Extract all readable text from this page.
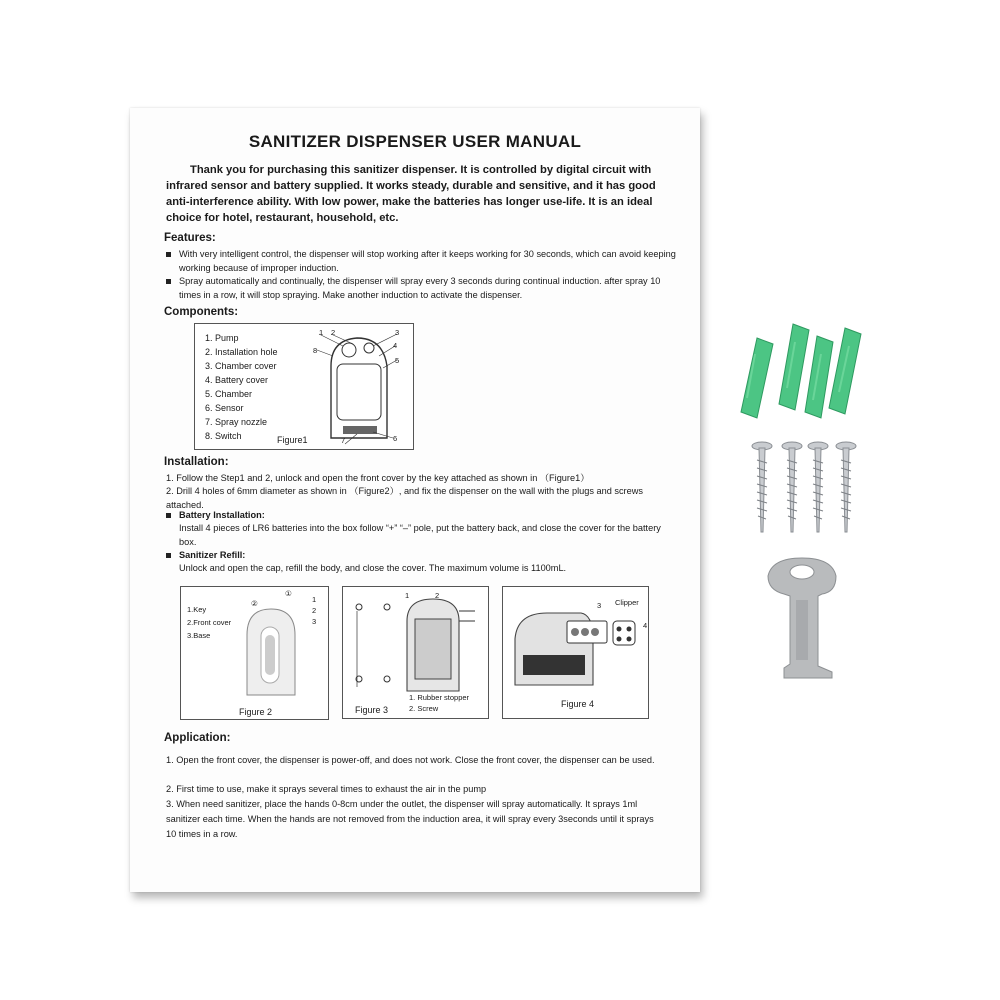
SANITIZER DISPENSER USER MANUAL
Thank you for purchasing this sanitizer dispenser. It is controlled by digital circuit with infrared sensor and battery supplied. It works steady, durable and sensitive, and it has good anti-interference ability. With low power, make the batteries has longer use-life. It is an ideal choice for hotel, restaurant, household, etc.
Features:
With very intelligent control, the dispenser will stop working after it keeps working for 30 seconds, which can avoid keeping working because of improper induction.
Spray automatically and continually, the dispenser will spray every 3 seconds during continual induction. after spray 10 times in a row, it will stop spraying. Make another induction to activate the dispenser.
Components:
1. Pump
2. Installation hole
3. Chamber cover
4. Battery cover
5. Chamber
6. Sensor
7. Spray nozzle
8. Switch
1 2	3
4
5
6
7
8
Figure1
Installation:
1. Follow the Step1 and 2, unlock and open the front cover by the key attached as shown in （Figure1）
2. Drill 4 holes of 6mm diameter as shown in （Figure2）, and fix the dispenser on the wall with the plugs and screws attached.
Battery Installation:
Install 4 pieces of LR6 batteries into the box follow “+” “–” pole, put the battery back, and close the cover for the battery box.
Sanitizer Refill:
Unlock and open the cap, refill the body, and close the cover. The maximum volume is 1100mL.
1.Key
2.Front cover
3.Base
1
2
3
①
②
Figure 2
1	2
1. Rubber stopper
2. Screw
Figure 3
3
4
Clipper
Figure 4
Application:
1. Open the front cover, the dispenser is power-off, and does not work. Close the front cover, the dispenser can be used.
2. First time to use, make it sprays several times to exhaust the air in the pump
3. When need sanitizer, place the hands 0-8cm under the outlet, the dispenser will spray automatically. It sprays 1ml sanitizer each time. When the hands are not removed from the induction area, it will spray every 3seconds until it sprays 10 times in a row.
